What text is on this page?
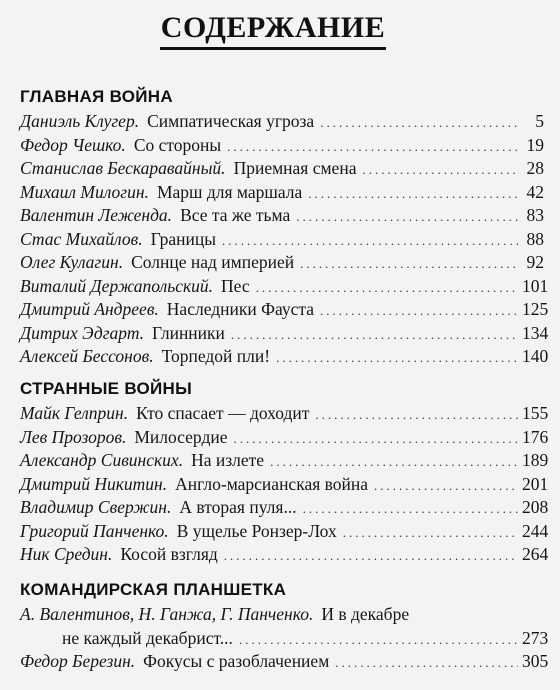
СОДЕРЖАНИЕ
ГЛАВНАЯ ВОЙНА
Даниэль Клугер. Симпатическая угроза .....	5
Федор Чешко. Со стороны .....	19
Станислав Бескаравайный. Приемная смена .....	28
Михаил Милогин. Марш для маршала .....	42
Валентин Леженда. Все та же тьма .....	83
Стас Михайлов. Границы .....	88
Олег Кулагин. Солнце над империей .....	92
Виталий Держапольский. Пес .....	101
Дмитрий Андреев. Наследники Фауста .....	125
Дитрих Эдгарт. Глинники .....	134
Алексей Бессонов. Торпедой пли! .....	140
СТРАННЫЕ ВОЙНЫ
Майк Гелприн. Кто спасает — доходит .....	155
Лев Прозоров. Милосердие .....	176
Александр Сивинских. На излете .....	189
Дмитрий Никитин. Англо-марсианская война .....	201
Владимир Свержин. А вторая пуля... .....	208
Григорий Панченко. В ущелье Ронзер-Лох .....	244
Ник Средин. Косой взгляд .....	264
КОМАНДИРСКАЯ ПЛАНШЕТКА
А. Валентинов, Н. Ганжа, Г. Панченко. И в декабре
не каждый декабрист... .....	273
Федор Березин. Фокусы с разоблачением .....	305
